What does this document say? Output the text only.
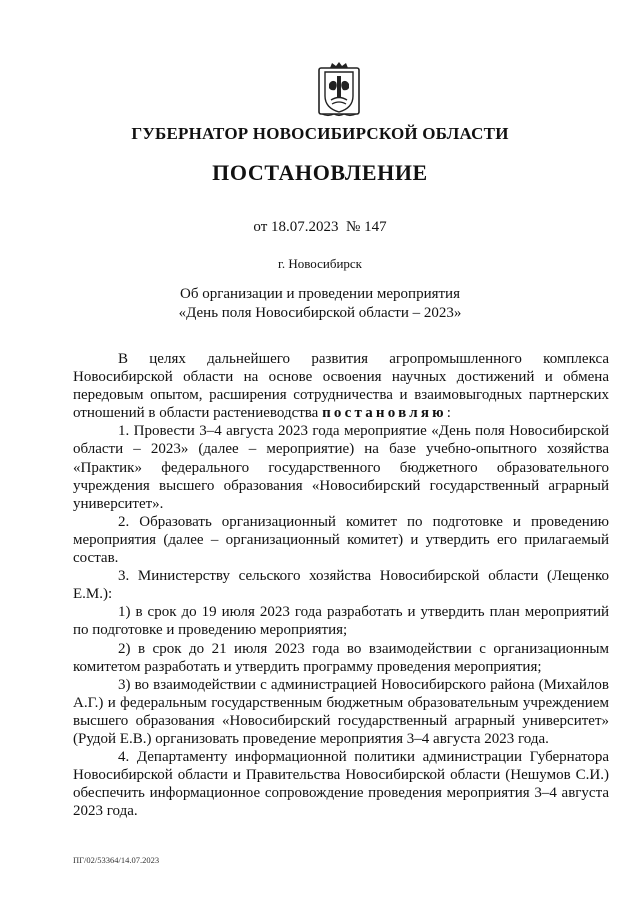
ГУБЕРНАТОР НОВОСИБИРСКОЙ ОБЛАСТИ
ПОСТАНОВЛЕНИЕ
от 18.07.2023 № 147
г. Новосибирск
Об организации и проведении мероприятия
«День поля Новосибирской области – 2023»

В целях дальнейшего развития агропромышленного комплекса Новосибирской области на основе освоения научных достижений и обмена передовым опытом, расширения сотрудничества и взаимовыгодных партнерских отношений в области растениеводства постановляю:

1. Провести 3–4 августа 2023 года мероприятие «День поля Новосибирской области – 2023» (далее – мероприятие) на базе учебно-опытного хозяйства «Практик» федерального государственного бюджетного образовательного учреждения высшего образования «Новосибирский государственный аграрный университет».

2. Образовать организационный комитет по подготовке и проведению мероприятия (далее – организационный комитет) и утвердить его прилагаемый состав.

3. Министерству сельского хозяйства Новосибирской области (Лещенко Е.М.):

1) в срок до 19 июля 2023 года разработать и утвердить план мероприятий по подготовке и проведению мероприятия;

2) в срок до 21 июля 2023 года во взаимодействии с организационным комитетом разработать и утвердить программу проведения мероприятия;

3) во взаимодействии с администрацией Новосибирского района (Михайлов А.Г.) и федеральным государственным бюджетным образовательным учреждением высшего образования «Новосибирский государственный аграрный университет» (Рудой Е.В.) организовать проведение мероприятия 3–4 августа 2023 года.

4. Департаменту информационной политики администрации Губернатора Новосибирской области и Правительства Новосибирской области (Нешумов С.И.) обеспечить информационное сопровождение проведения мероприятия 3–4 августа 2023 года.

ПГ/02/53364/14.07.2023
